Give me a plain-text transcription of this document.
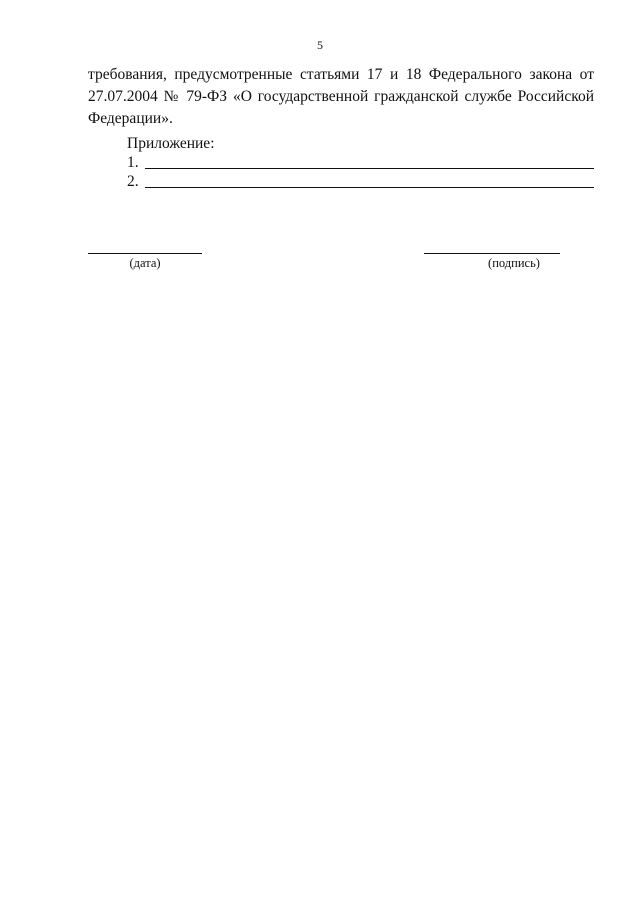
5

требования, предусмотренные статьями 17 и 18 Федерального закона от 27.07.2004 № 79-ФЗ «О государственной гражданской службе Российской Федерации».

Приложение:

1.
2.
(дата)	(подпись)
